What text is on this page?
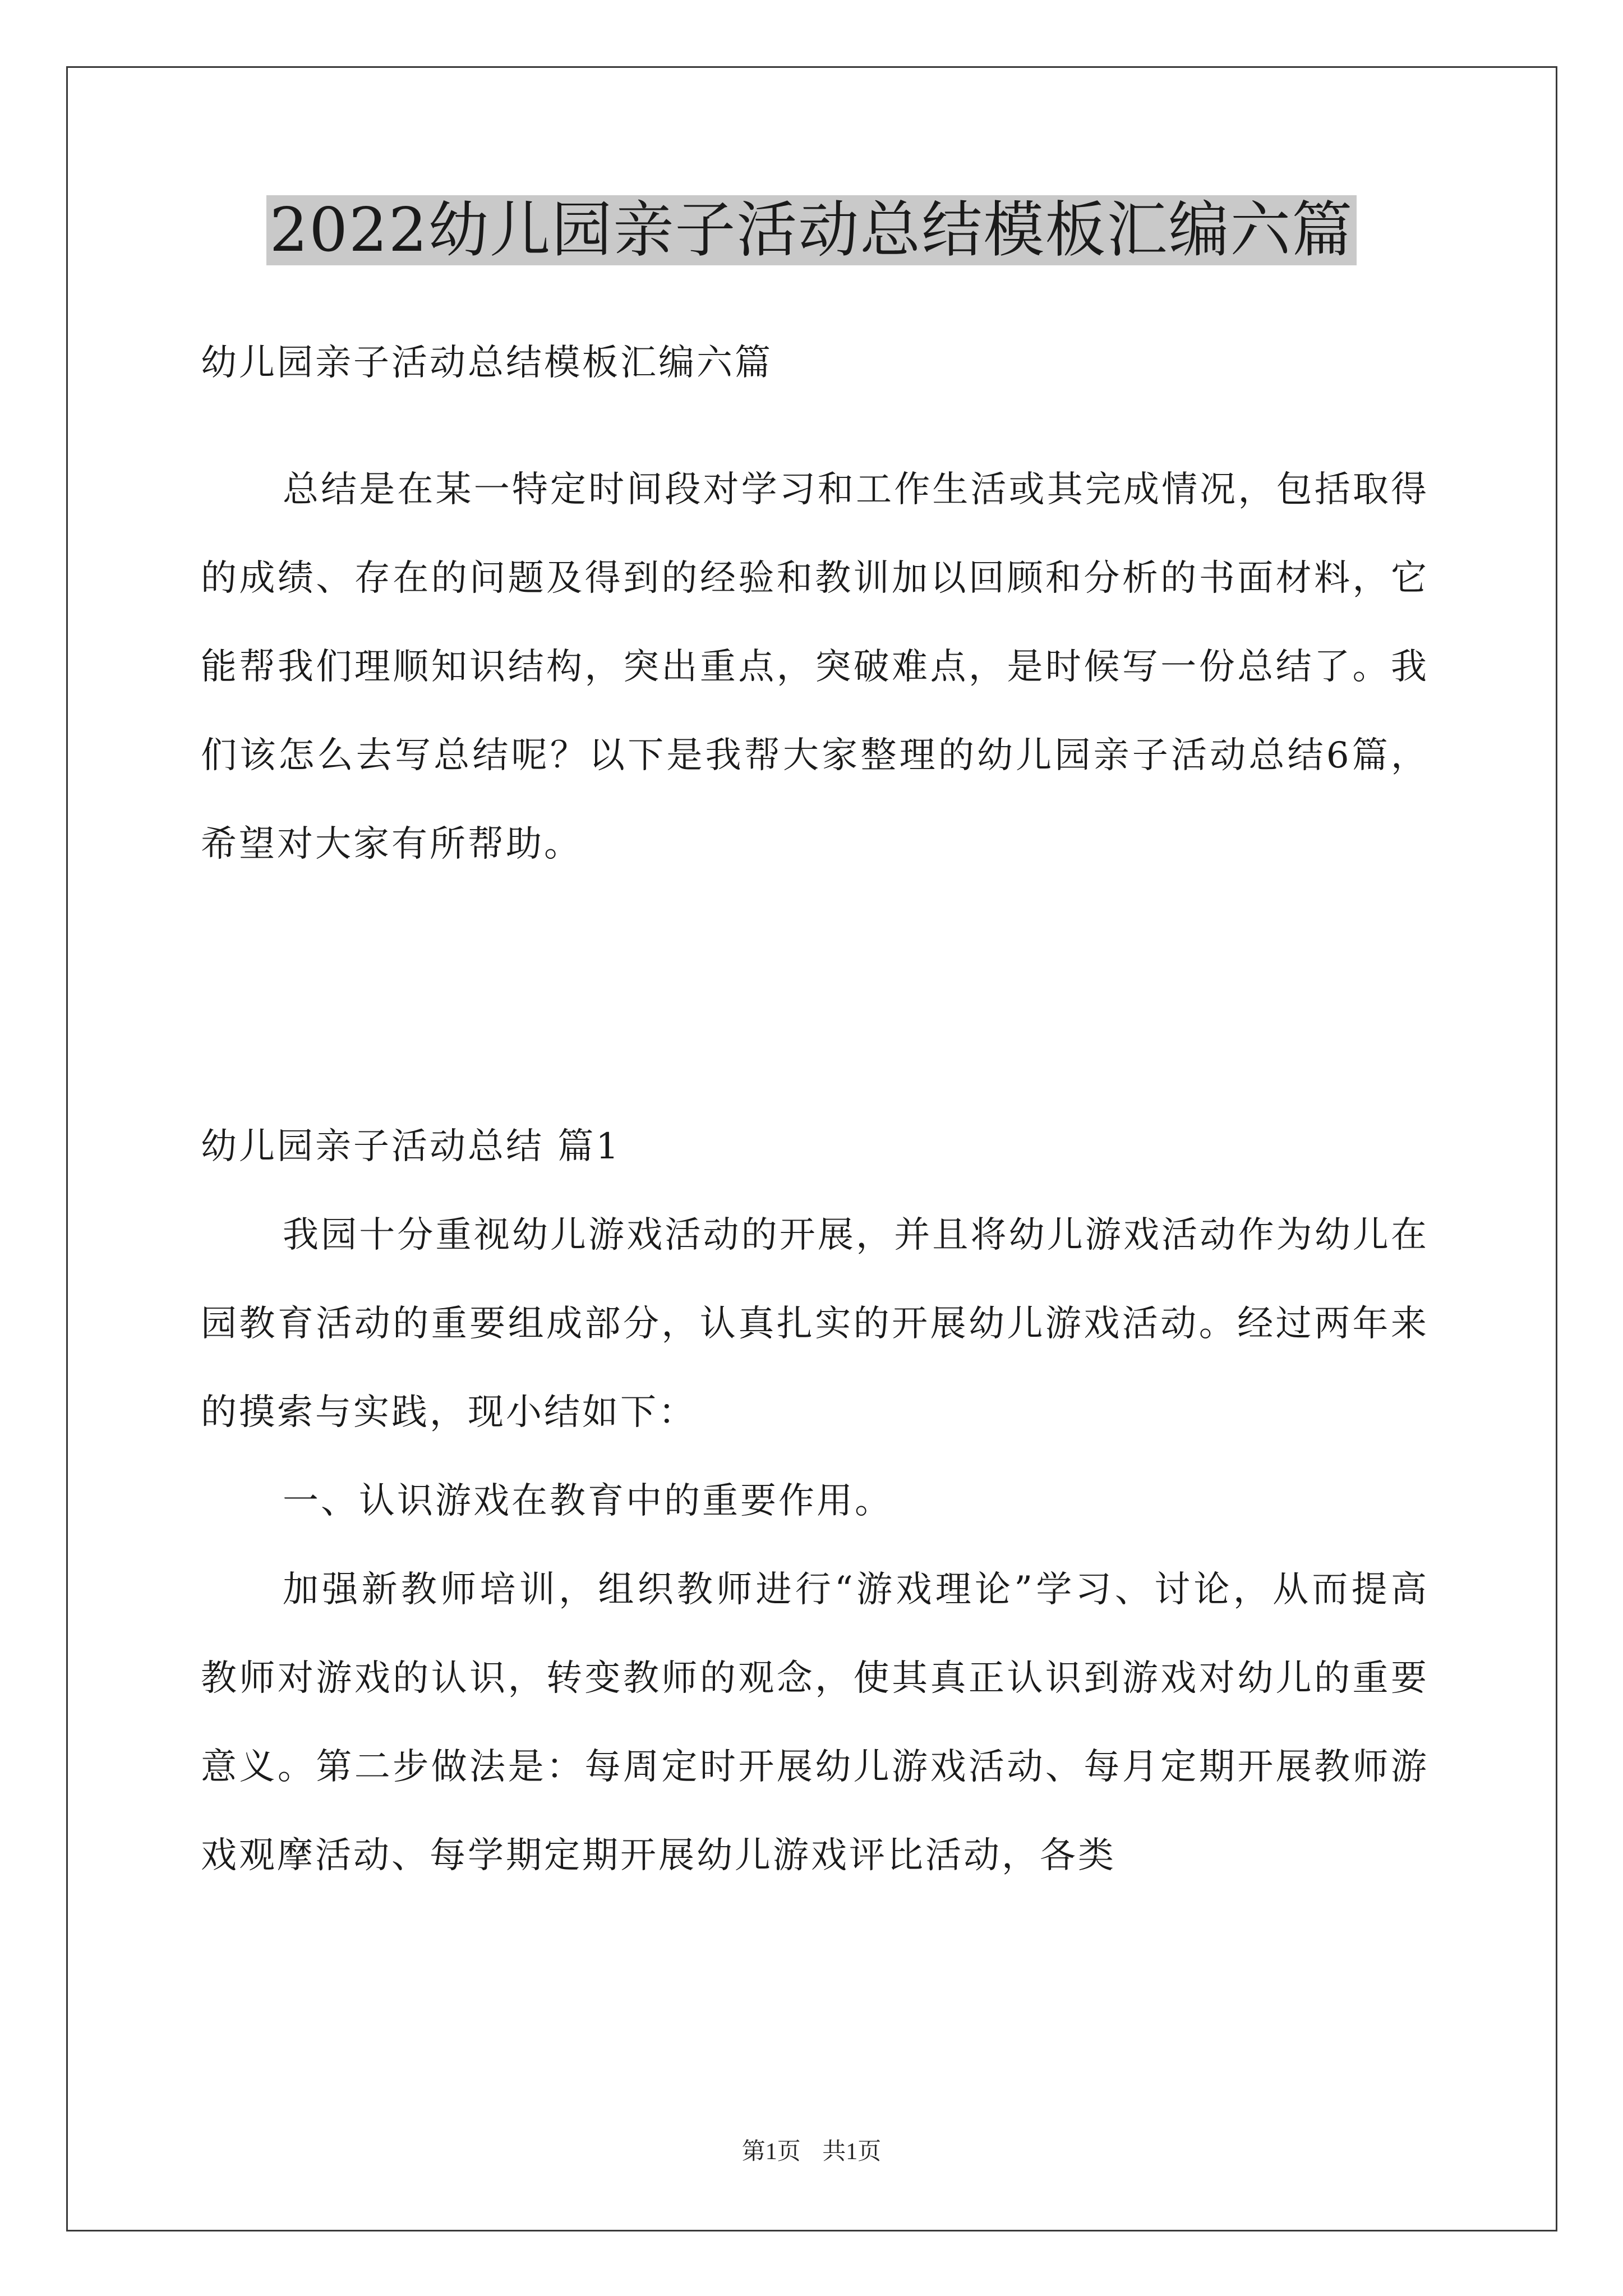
2022幼儿园亲子活动总结模板汇编六篇

幼儿园亲子活动总结模板汇编六篇

总结是在某一特定时间段对学习和工作生活或其完成情况，包括取得的成绩、存在的问题及得到的经验和教训加以回顾和分析的书面材料，它能帮我们理顺知识结构，突出重点，突破难点，是时候写一份总结了。我们该怎么去写总结呢？以下是我帮大家整理的幼儿园亲子活动总结6篇，希望对大家有所帮助。

幼儿园亲子活动总结 篇1

我园十分重视幼儿游戏活动的开展，并且将幼儿游戏活动作为幼儿在园教育活动的重要组成部分，认真扎实的开展幼儿游戏活动。经过两年来的摸索与实践，现小结如下：

一、认识游戏在教育中的重要作用。

加强新教师培训，组织教师进行“游戏理论”学习、讨论，从而提高教师对游戏的认识，转变教师的观念，使其真正认识到游戏对幼儿的重要意义。第二步做法是：每周定时开展幼儿游戏活动、每月定期开展教师游戏观摩活动、每学期定期开展幼儿游戏评比活动，各类

第1页 共1页
